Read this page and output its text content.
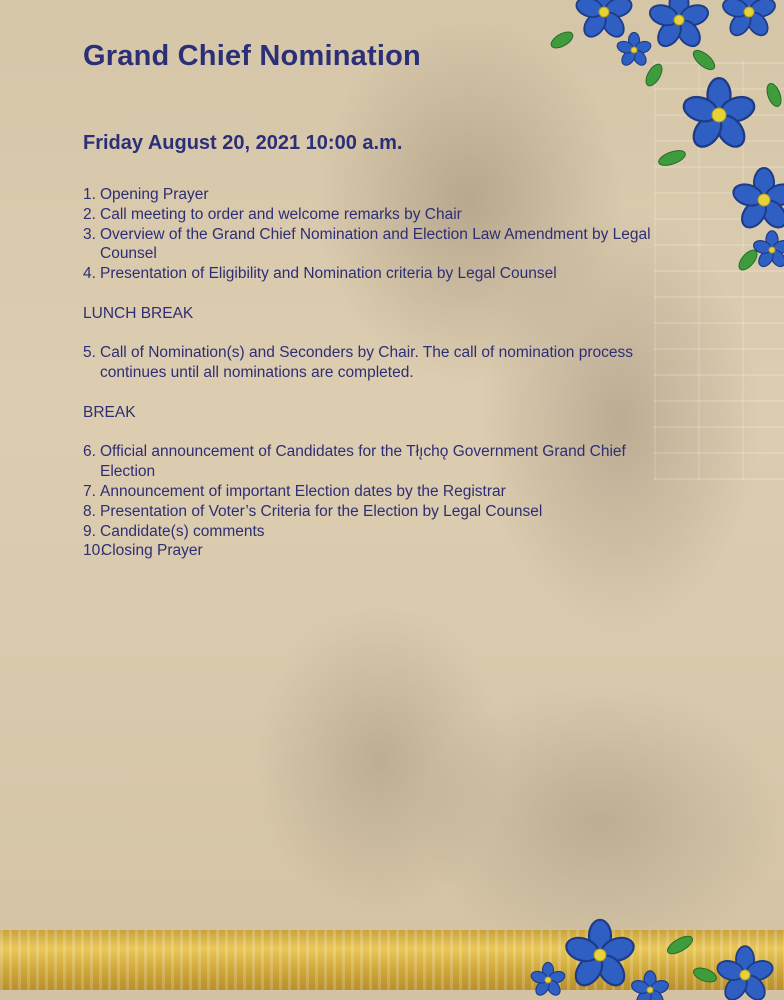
Grand Chief Nomination
Friday August 20, 2021 10:00 a.m.
1. Opening Prayer
2. Call meeting to order and welcome remarks by Chair
3. Overview of the Grand Chief Nomination and Election Law Amendment by Legal Counsel
4. Presentation of Eligibility and Nomination criteria by Legal Counsel
LUNCH BREAK
5. Call of Nomination(s) and Seconders by Chair. The call of nomination process continues until all nominations are completed.
BREAK
6. Official announcement of Candidates for the Tłı̨chǫ Government Grand Chief Election
7. Announcement of important Election dates by the Registrar
8. Presentation of Voter’s Criteria for the Election by Legal Counsel
9. Candidate(s) comments
10.
Closing Prayer
